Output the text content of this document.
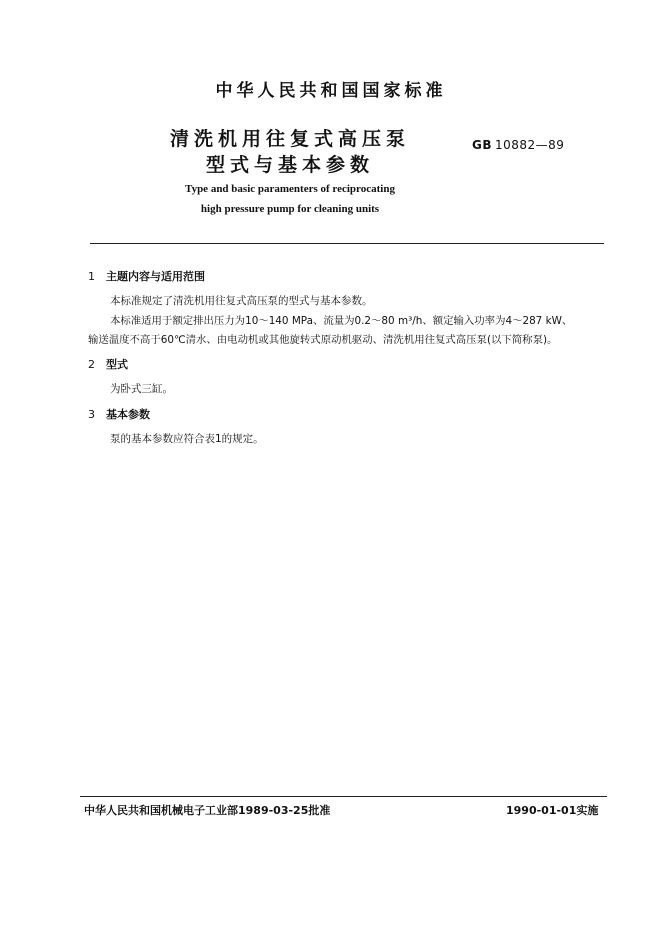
中华人民共和国国家标准
清洗机用往复式高压泵
型式与基本参数
GB 10882—89
Type and basic paramenters of reciprocating
high pressure pump for cleaning units
1 主题内容与适用范围
本标准规定了清洗机用往复式高压泵的型式与基本参数。
本标准适用于额定排出压力为10～140 MPa、流量为0.2～80 m³/h、额定输入功率为4～287 kW、
输送温度不高于60℃清水、由电动机或其他旋转式原动机驱动、清洗机用往复式高压泵(以下简称泵)。
2 型式
为卧式三缸。
3 基本参数
泵的基本参数应符合表1的规定。
中华人民共和国机械电子工业部1989-03-25批准	1990-01-01实施
